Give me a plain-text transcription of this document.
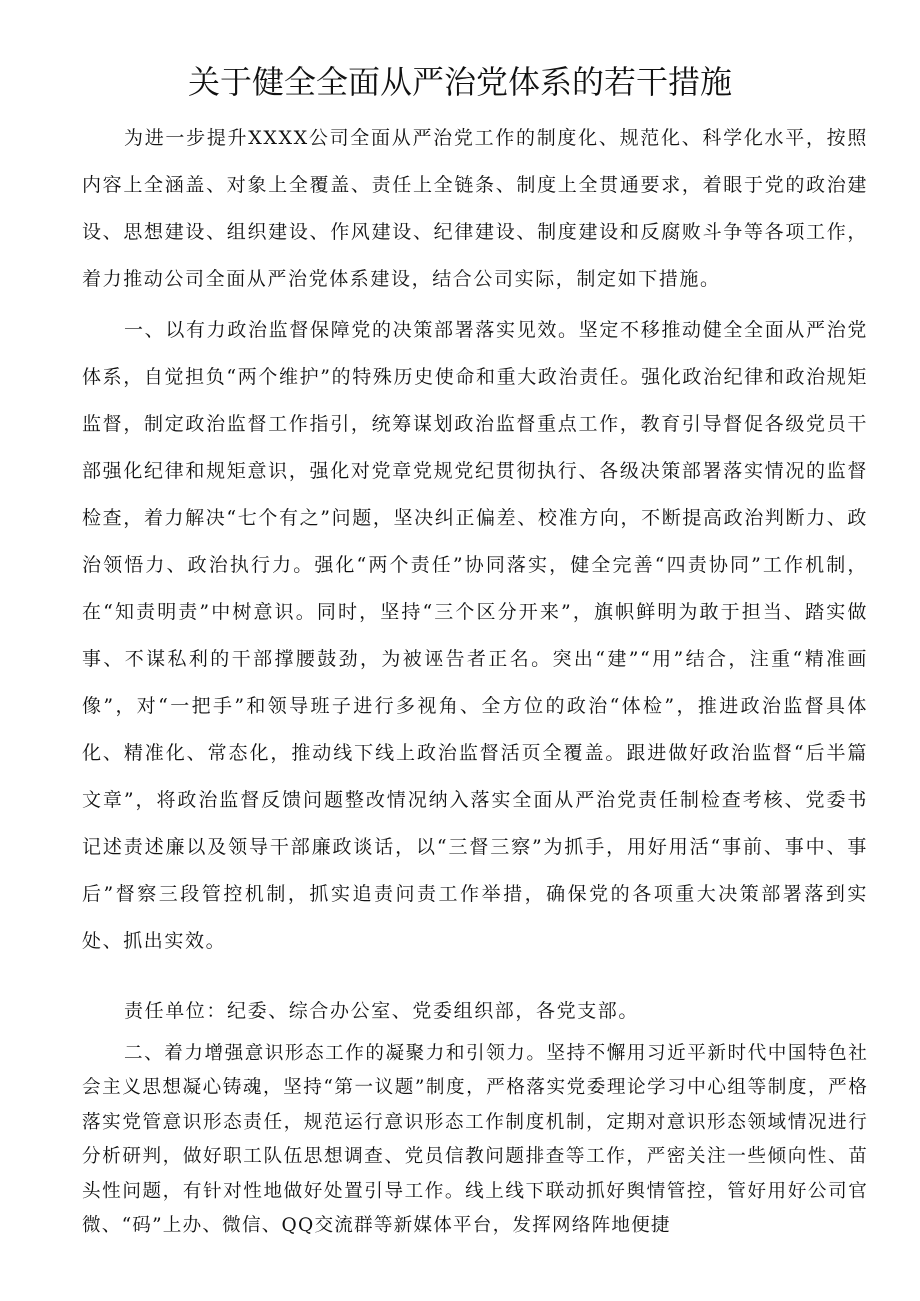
关于健全全面从严治党体系的若干措施

为进一步提升XXXX公司全面从严治党工作的制度化、规范化、科学化水平，按照内容上全涵盖、对象上全覆盖、责任上全链条、制度上全贯通要求，着眼于党的政治建设、思想建设、组织建设、作风建设、纪律建设、制度建设和反腐败斗争等各项工作，着力推动公司全面从严治党体系建设，结合公司实际，制定如下措施。

一、以有力政治监督保障党的决策部署落实见效。坚定不移推动健全全面从严治党体系，自觉担负“两个维护”的特殊历史使命和重大政治责任。强化政治纪律和政治规矩监督，制定政治监督工作指引，统筹谋划政治监督重点工作，教育引导督促各级党员干部强化纪律和规矩意识，强化对党章党规党纪贯彻执行、各级决策部署落实情况的监督检查，着力解决“七个有之”问题，坚决纠正偏差、校准方向，不断提高政治判断力、政治领悟力、政治执行力。强化“两个责任”协同落实，健全完善“四责协同”工作机制，在“知责明责”中树意识。同时，坚持“三个区分开来”，旗帜鲜明为敢于担当、踏实做事、不谋私利的干部撑腰鼓劲，为被诬告者正名。突出“建”“用”结合，注重“精准画像”，对“一把手”和领导班子进行多视角、全方位的政治“体检”，推进政治监督具体化、精准化、常态化，推动线下线上政治监督活页全覆盖。跟进做好政治监督“后半篇文章”，将政治监督反馈问题整改情况纳入落实全面从严治党责任制检查考核、党委书记述责述廉以及领导干部廉政谈话，以“三督三察”为抓手，用好用活“事前、事中、事后”督察三段管控机制，抓实追责问责工作举措，确保党的各项重大决策部署落到实处、抓出实效。

责任单位：纪委、综合办公室、党委组织部，各党支部。

二、着力增强意识形态工作的凝聚力和引领力。坚持不懈用习近平新时代中国特色社会主义思想凝心铸魂，坚持“第一议题”制度，严格落实党委理论学习中心组等制度，严格落实党管意识形态责任，规范运行意识形态工作制度机制，定期对意识形态领域情况进行分析研判，做好职工队伍思想调查、党员信教问题排查等工作，严密关注一些倾向性、苗头性问题，有针对性地做好处置引导工作。线上线下联动抓好舆情管控，管好用好公司官微、“码”上办、微信、QQ交流群等新媒体平台，发挥网络阵地便捷
